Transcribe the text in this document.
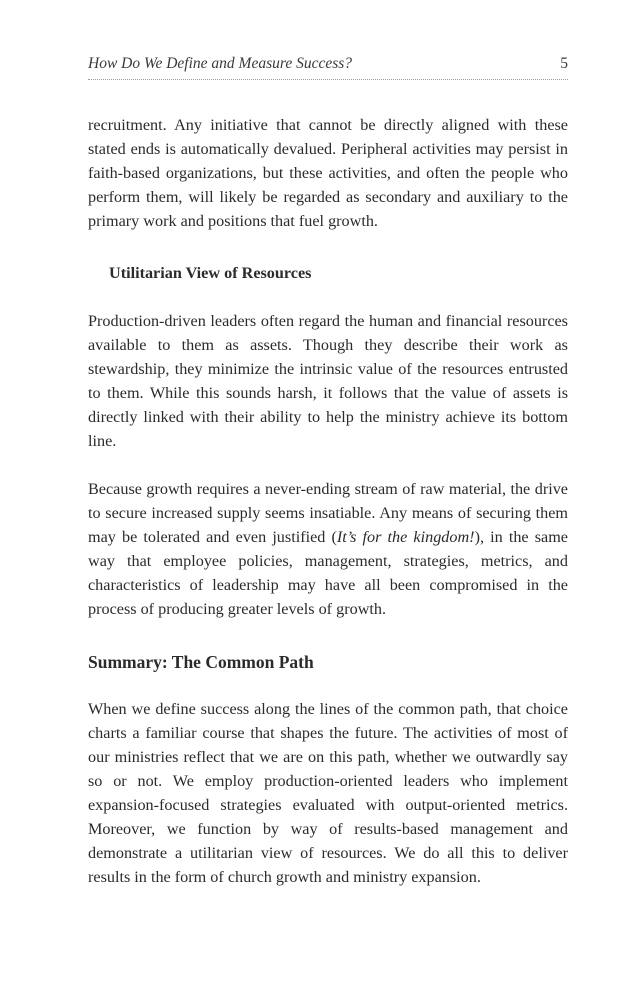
How Do We Define and Measure Success?	5

recruitment. Any initiative that cannot be directly aligned with these stated ends is automatically devalued. Peripheral activities may persist in faith-based organizations, but these activities, and often the people who perform them, will likely be regarded as secondary and auxiliary to the primary work and positions that fuel growth.

Utilitarian View of Resources

Production-driven leaders often regard the human and financial resources available to them as assets. Though they describe their work as stewardship, they minimize the intrinsic value of the resources entrusted to them. While this sounds harsh, it follows that the value of assets is directly linked with their ability to help the ministry achieve its bottom line.

Because growth requires a never-ending stream of raw material, the drive to secure increased supply seems insatiable. Any means of securing them may be tolerated and even justified (It’s for the kingdom!), in the same way that employee policies, management, strategies, metrics, and characteristics of leadership may have all been compromised in the process of producing greater levels of growth.

Summary: The Common Path

When we define success along the lines of the common path, that choice charts a familiar course that shapes the future. The activities of most of our ministries reflect that we are on this path, whether we outwardly say so or not. We employ production-oriented leaders who implement expansion-focused strategies evaluated with output-oriented metrics. Moreover, we function by way of results-based management and demonstrate a utilitarian view of resources. We do all this to deliver results in the form of church growth and ministry expansion.
